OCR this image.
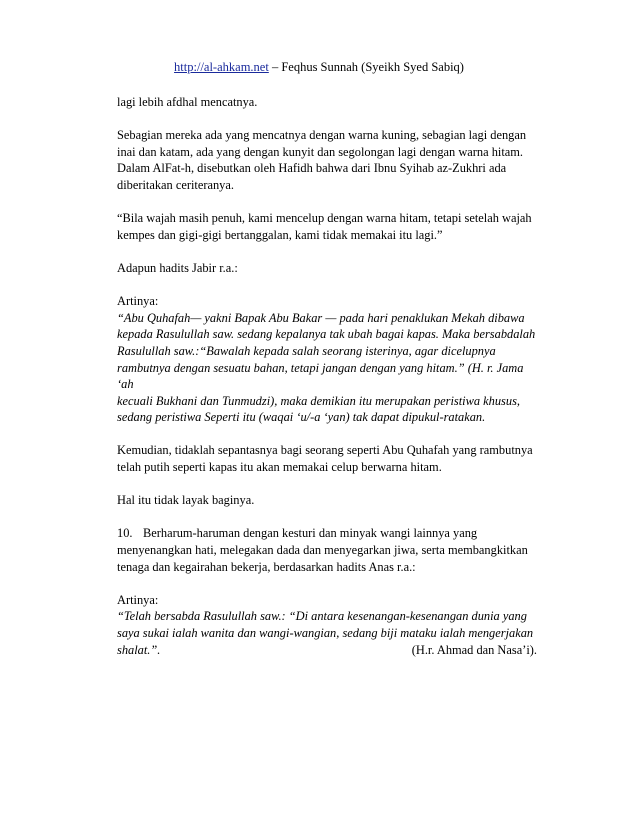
http://al-ahkam.net – Feqhus Sunnah (Syeikh Syed Sabiq)

lagi lebih afdhal mencatnya.

Sebagian mereka ada yang mencatnya dengan warna kuning, sebagian lagi dengan
inai dan katam, ada yang dengan kunyit dan segolongan lagi dengan warna hitam.
Dalam AlFat-h, disebutkan oleh Hafidh bahwa dari Ibnu Syihab az-Zukhri ada
diberitakan ceriteranya.

“Bila wajah masih penuh, kami mencelup dengan warna hitam, tetapi setelah wajah
kempes dan gigi-gigi bertanggalan, kami tidak memakai itu lagi.”

Adapun hadits Jabir r.a.:

Artinya:
“Abu Quhafah— yakni Bapak Abu Bakar — pada hari penaklukan Mekah dibawa
kepada Rasulullah saw. sedang kepalanya tak ubah bagai kapas. Maka bersabdalah
Rasulullah saw.:“Bawalah kepada salah seorang isterinya, agar dicelupnya
rambutnya dengan sesuatu bahan, tetapi jangan dengan yang hitam.” (H. r. Jama ‘ah
kecuali Bukhani dan Tunmudzi), maka demikian itu merupakan peristiwa khusus,
sedang peristiwa Seperti itu (waqai ‘u/-a ‘yan) tak dapat dipukul-ratakan.

Kemudian, tidaklah sepantasnya bagi seorang seperti Abu Quhafah yang rambutnya
telah putih seperti kapas itu akan memakai celup berwarna hitam.

Hal itu tidak layak baginya.

10. Berharum-haruman dengan kesturi dan minyak wangi lainnya yang
menyenangkan hati, melegakan dada dan menyegarkan jiwa, serta membangkitkan
tenaga dan kegairahan bekerja, berdasarkan hadits Anas r.a.:

Artinya:
“Telah bersabda Rasulullah saw.: “Di antara kesenangan-kesenangan dunia yang
saya sukai ialah wanita dan wangi-wangian, sedang biji mataku ialah mengerjakan

shalat.”.	(H.r. Ahmad dan Nasa’i).
